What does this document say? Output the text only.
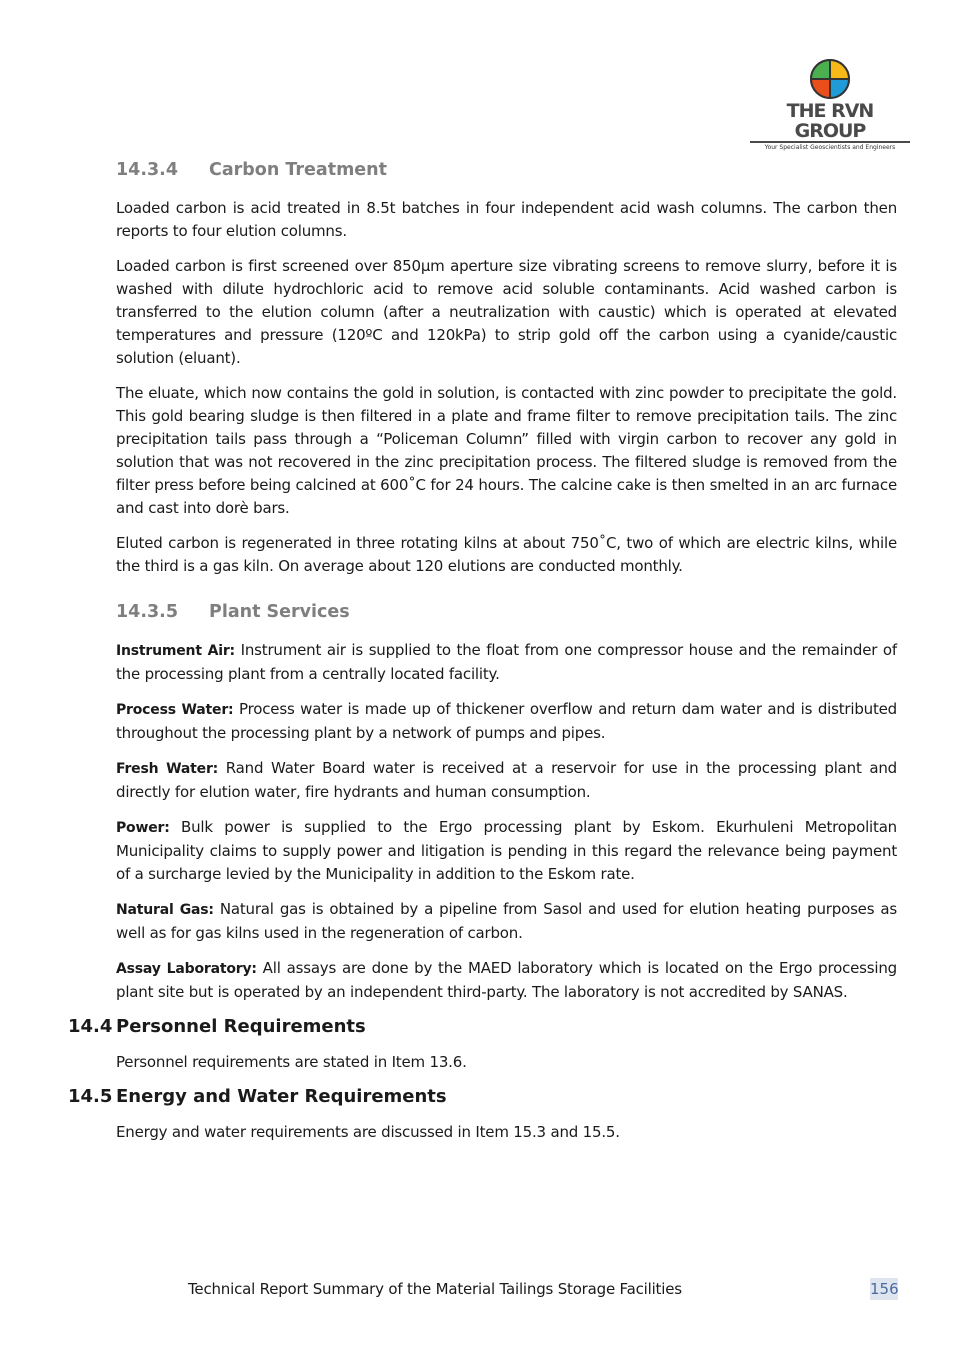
THE RVN GROUP
Your Specialist Geoscientists and Engineers
14.3.4	Carbon Treatment

Loaded carbon is acid treated in 8.5t batches in four independent acid wash columns. The carbon then reports to four elution columns.

Loaded carbon is first screened over 850µm aperture size vibrating screens to remove slurry, before it is washed with dilute hydrochloric acid to remove acid soluble contaminants. Acid washed carbon is transferred to the elution column (after a neutralization with caustic) which is operated at elevated temperatures and pressure (120ºC and 120kPa) to strip gold off the carbon using a cyanide/caustic solution (eluant).

The eluate, which now contains the gold in solution, is contacted with zinc powder to precipitate the gold. This gold bearing sludge is then filtered in a plate and frame filter to remove precipitation tails. The zinc precipitation tails pass through a “Policeman Column” filled with virgin carbon to recover any gold in solution that was not recovered in the zinc precipitation process. The filtered sludge is removed from the filter press before being calcined at 600˚C for 24 hours. The calcine cake is then smelted in an arc furnace and cast into dorè bars.

Eluted carbon is regenerated in three rotating kilns at about 750˚C, two of which are electric kilns, while the third is a gas kiln. On average about 120 elutions are conducted monthly.

14.3.5	Plant Services

Instrument Air: Instrument air is supplied to the float from one compressor house and the remainder of the processing plant from a centrally located facility.

Process Water: Process water is made up of thickener overflow and return dam water and is distributed throughout the processing plant by a network of pumps and pipes.

Fresh Water: Rand Water Board water is received at a reservoir for use in the processing plant and directly for elution water, fire hydrants and human consumption.

Power: Bulk power is supplied to the Ergo processing plant by Eskom. Ekurhuleni Metropolitan Municipality claims to supply power and litigation is pending in this regard the relevance being payment of a surcharge levied by the Municipality in addition to the Eskom rate.

Natural Gas: Natural gas is obtained by a pipeline from Sasol and used for elution heating purposes as well as for gas kilns used in the regeneration of carbon.

Assay Laboratory: All assays are done by the MAED laboratory which is located on the Ergo processing plant site but is operated by an independent third-party. The laboratory is not accredited by SANAS.

14.4 Personnel Requirements

Personnel requirements are stated in Item 13.6.

14.5 Energy and Water Requirements

Energy and water requirements are discussed in Item 15.3 and 15.5.

Technical Report Summary of the Material Tailings Storage Facilities	156
